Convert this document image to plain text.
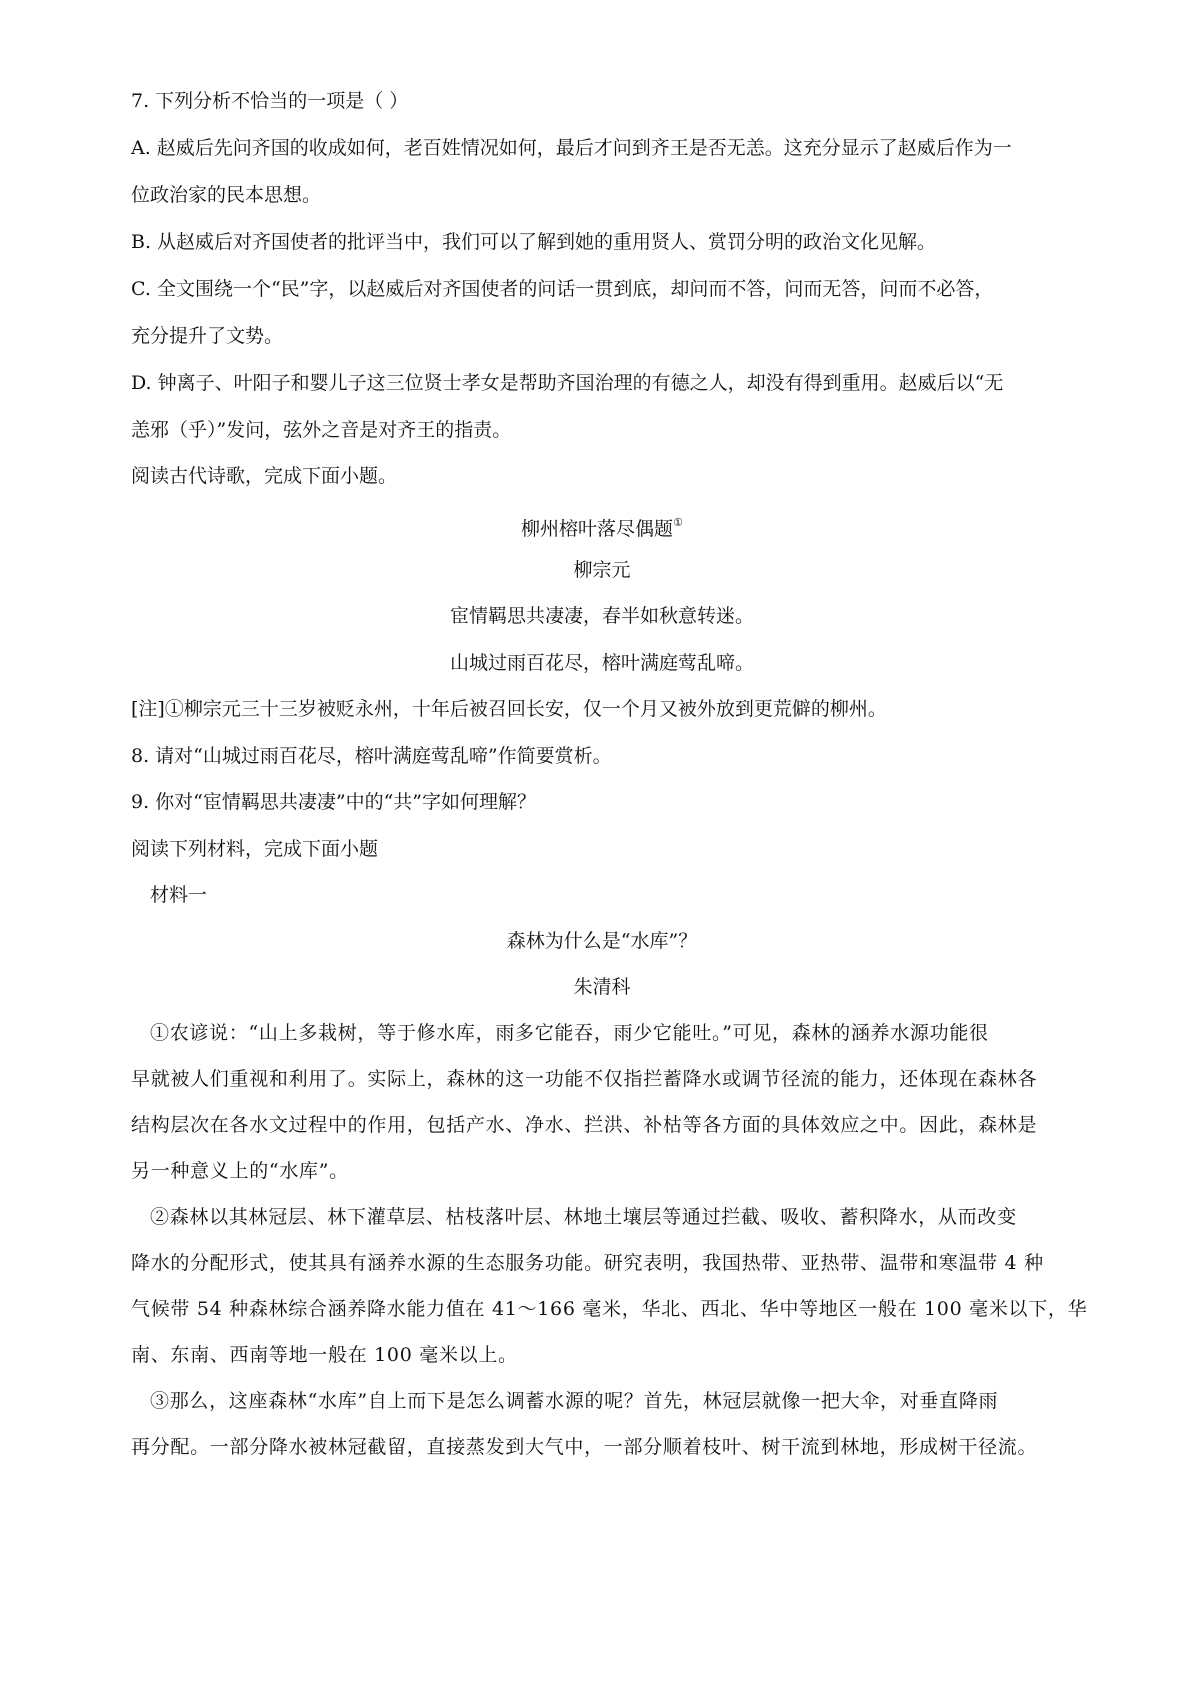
7. 下列分析不恰当 · · ·的一项是（ ）
A. 赵威后先问齐国的收成如何，老百姓情况如何，最后才问到齐王是否无恙。这充分显示了赵威后作为一
位政治家的民本思想。
B. 从赵威后对齐国使者的批评当中，我们可以了解到她的重用贤人、赏罚分明的政治文化见解。
C. 全文围绕一个“民”字，以赵威后对齐国使者的问话一贯到底，却问而不答，问而无答，问而不必答，
充分提升了文势。
D. 钟离子、叶阳子和婴儿子这三位贤士孝女是帮助齐国治理的有德之人，却没有得到重用。赵威后以“无
恙邪（乎）”发问，弦外之音是对齐王的指责。
阅读古代诗歌，完成下面小题。
柳州榕叶落尽偶题①
柳宗元
宦情羁思共凄凄，春半如秋意转迷。
山城过雨百花尽，榕叶满庭莺乱啼。
[注]①柳宗元三十三岁被贬永州，十年后被召回长安，仅一个月又被外放到更荒僻的柳州。
8. 请对“山城过雨百花尽，榕叶满庭莺乱啼”作简要赏析。
9. 你对“宦情羁思共凄凄”中的“共”字如何理解？
阅读下列材料，完成下面小题
材料一
森林为什么是“水库”？
朱清科
①农谚说：“山上多栽树，等于修水库，雨多它能吞，雨少它能吐。”可见，森林的涵养水源功能很
早就被人们重视和利用了。实际上，森林的这一功能不仅指拦蓄降水或调节径流的能力，还体现在森林各
结构层次在各水文过程中的作用，包括产水、净水、拦洪、补枯等各方面的具体效应之中。因此，森林是
另一种意义上的“水库”。
②森林以其林冠层、林下灌草层、枯枝落叶层、林地土壤层等通过拦截、吸收、蓄积降水，从而改变
降水的分配形式，使其具有涵养水源的生态服务功能。研究表明，我国热带、亚热带、温带和寒温带 4 种
气候带 54 种森林综合涵养降水能力值在 41～166 毫米，华北、西北、华中等地区一般在 100 毫米以下，华
南、东南、西南等地一般在 100 毫米以上。
③那么，这座森林“水库”自上而下是怎么调蓄水源的呢？首先，林冠层就像一把大伞，对垂直降雨
再分配。一部分降水被林冠截留，直接蒸发到大气中，一部分顺着枝叶、树干流到林地，形成树干径流。
